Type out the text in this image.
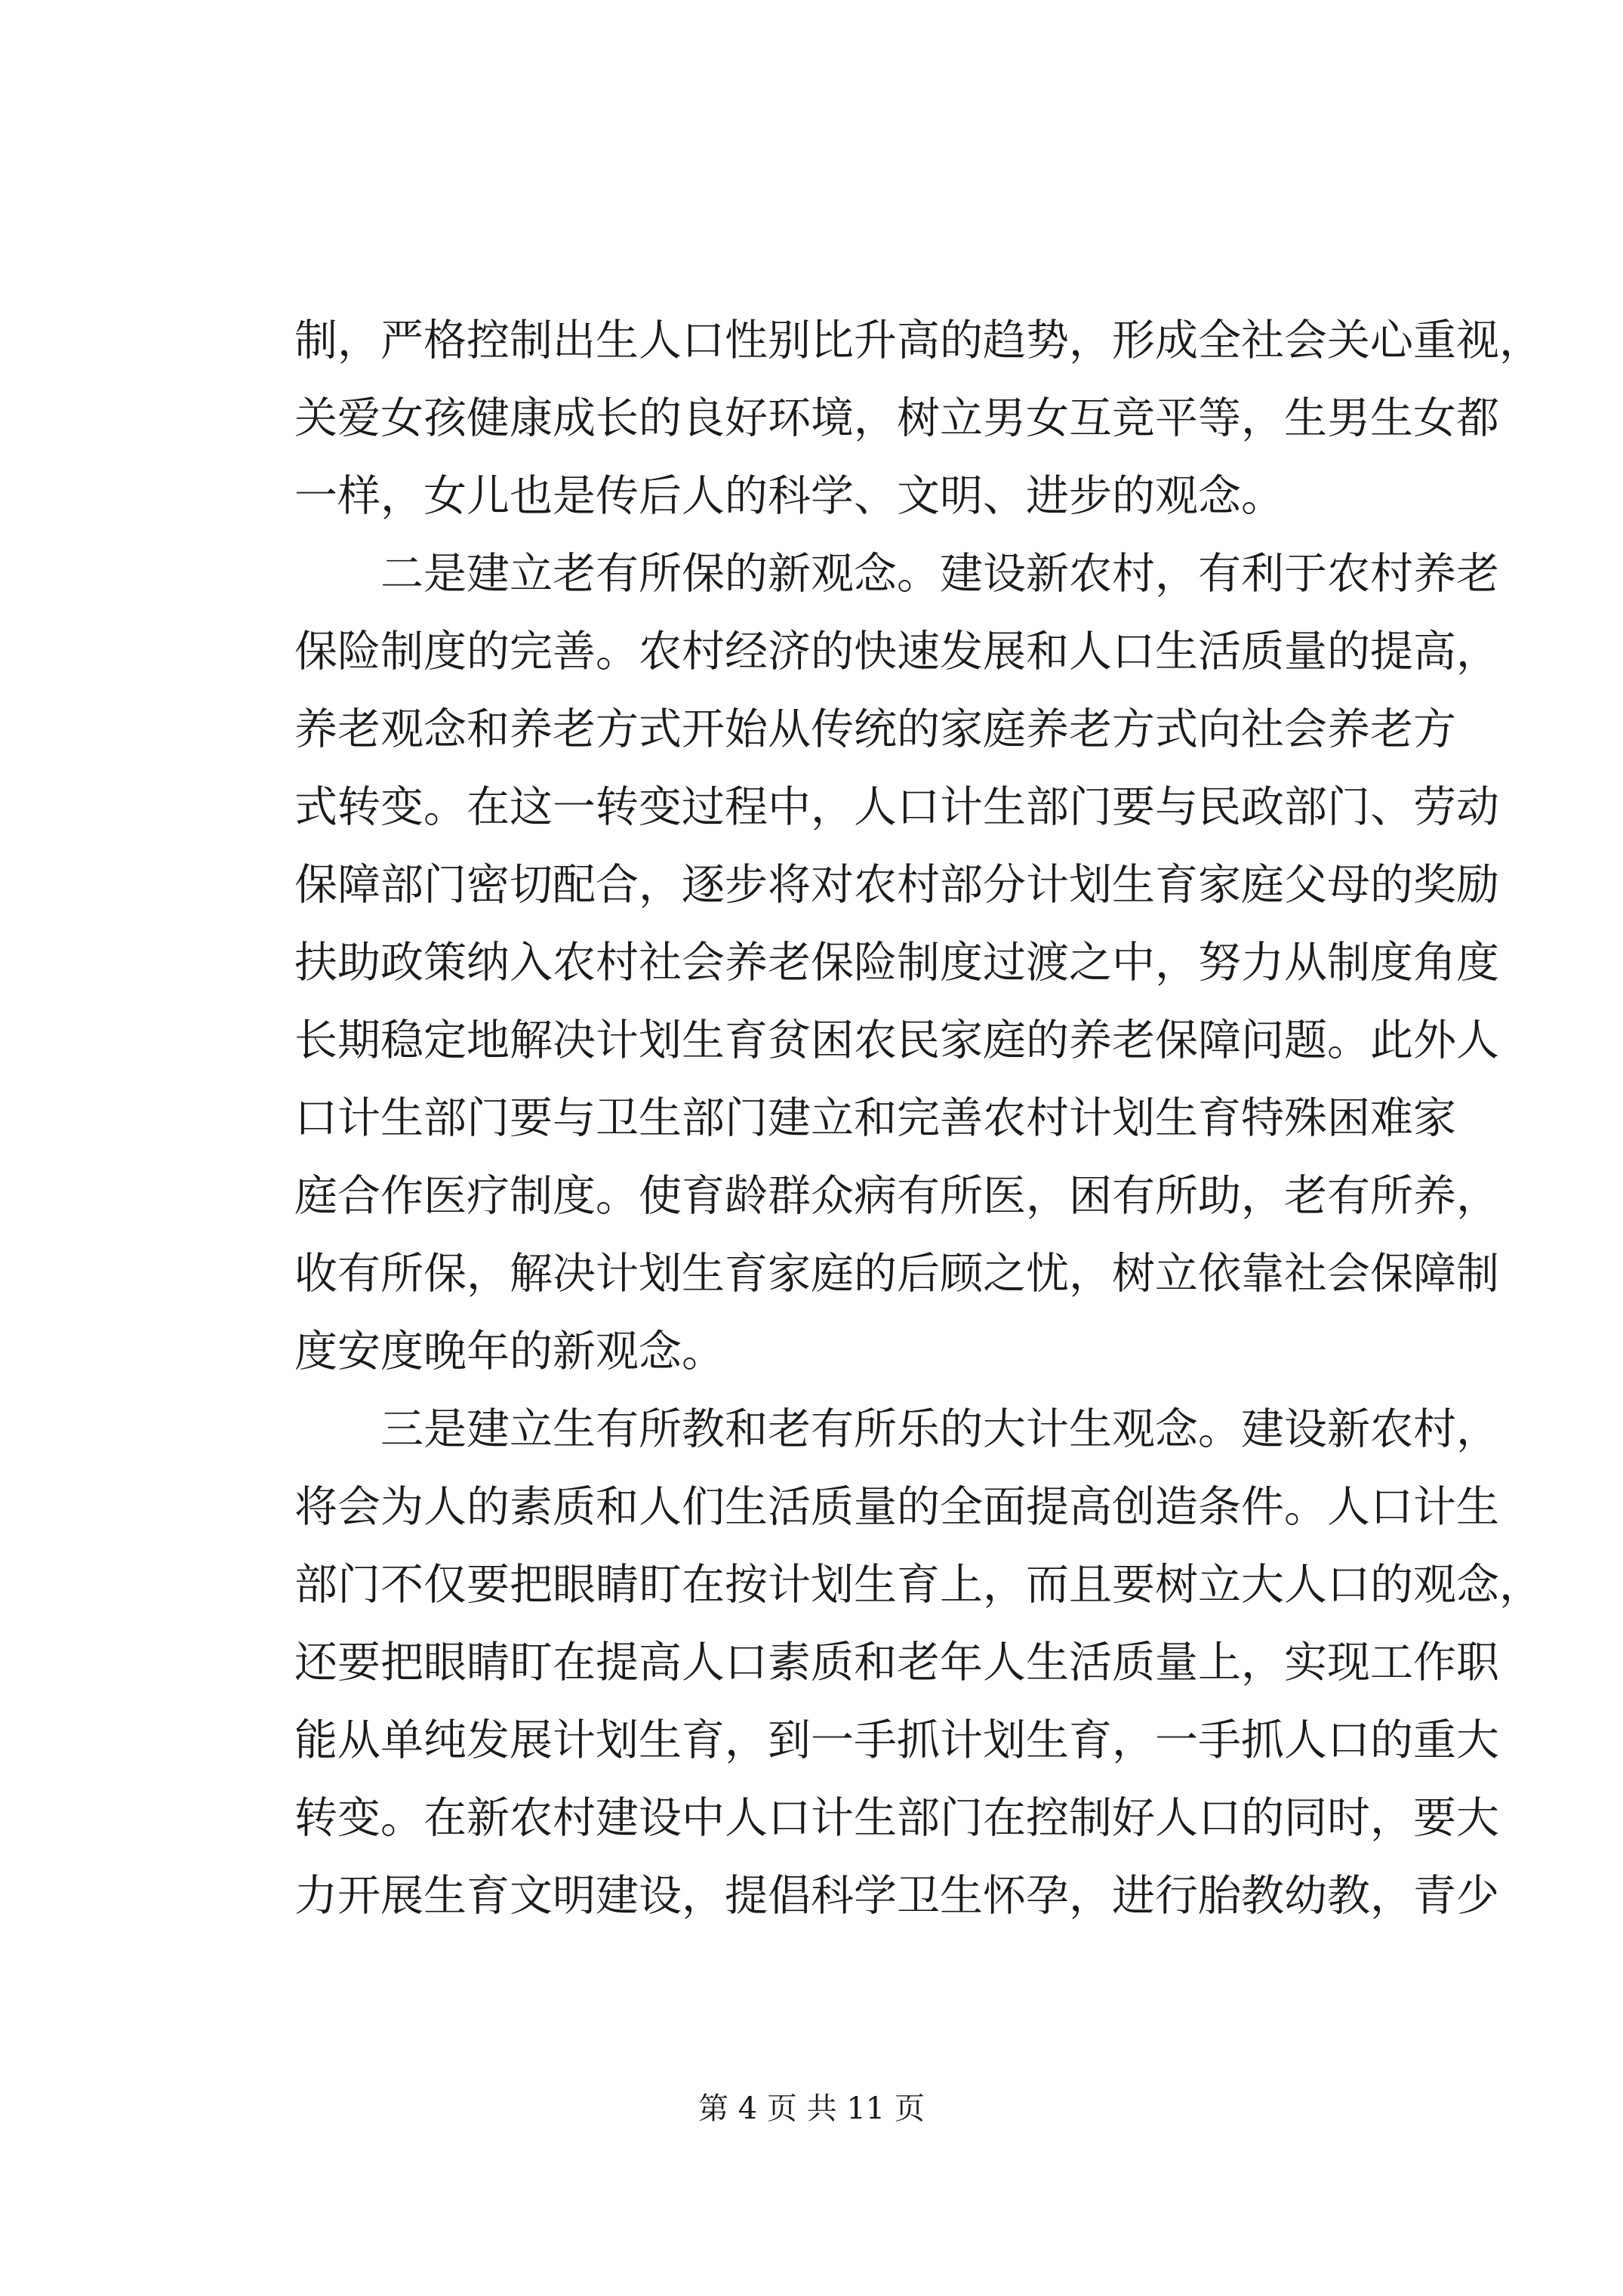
制，严格控制出生人口性别比升高的趋势，形成全社会关心重视，
关爱女孩健康成长的良好环境，树立男女互竞平等，生男生女都
一样，女儿也是传后人的科学、文明、进步的观念。
二是建立老有所保的新观念。建设新农村，有利于农村养老
保险制度的完善。农村经济的快速发展和人口生活质量的提高，
养老观念和养老方式开始从传统的家庭养老方式向社会养老方
式转变。在这一转变过程中，人口计生部门要与民政部门、劳动
保障部门密切配合，逐步将对农村部分计划生育家庭父母的奖励
扶助政策纳入农村社会养老保险制度过渡之中，努力从制度角度
长期稳定地解决计划生育贫困农民家庭的养老保障问题。此外人
口计生部门要与卫生部门建立和完善农村计划生育特殊困难家
庭合作医疗制度。使育龄群众病有所医，困有所助，老有所养，
收有所保，解决计划生育家庭的后顾之忧，树立依靠社会保障制
度安度晚年的新观念。
三是建立生有所教和老有所乐的大计生观念。建设新农村，
将会为人的素质和人们生活质量的全面提高创造条件。人口计生
部门不仅要把眼睛盯在按计划生育上，而且要树立大人口的观念，
还要把眼睛盯在提高人口素质和老年人生活质量上，实现工作职
能从单纯发展计划生育，到一手抓计划生育，一手抓人口的重大
转变。在新农村建设中人口计生部门在控制好人口的同时，要大
力开展生育文明建设，提倡科学卫生怀孕，进行胎教幼教，青少
第 4 页 共 11 页
